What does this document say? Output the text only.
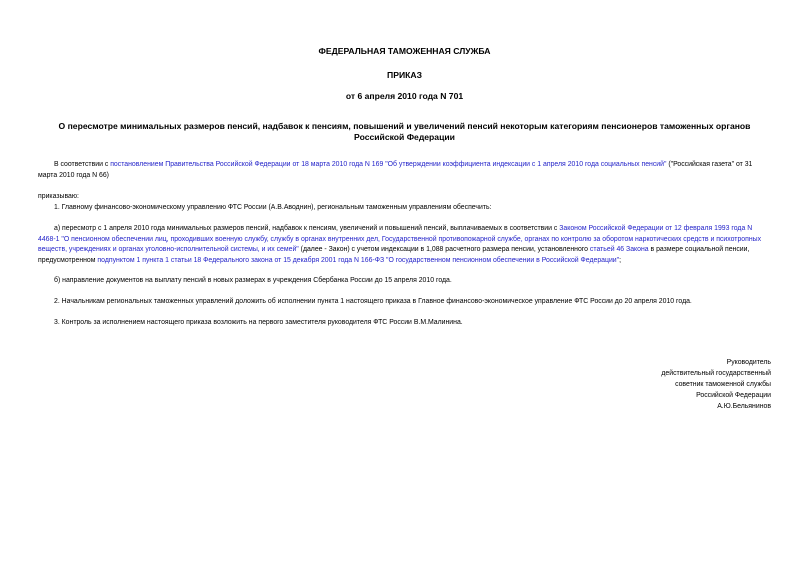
ФЕДЕРАЛЬНАЯ ТАМОЖЕННАЯ СЛУЖБА
ПРИКАЗ
от 6 апреля 2010 года N 701
О пересмотре минимальных размеров пенсий, надбавок к пенсиям, повышений и увеличений пенсий некоторым категориям пенсионеров таможенных органов
Российской Федерации

В соответствии с постановлением Правительства Российской Федерации от 18 марта 2010 года N 169 "Об утверждении коэффициента индексации с 1 апреля 2010 года социальных пенсий" ("Российская газета" от 31 марта 2010 года N 66)

приказываю:

1. Главному финансово-экономическому управлению ФТС России (А.В.Аводнин), региональным таможенным управлениям обеспечить:

а) пересмотр с 1 апреля 2010 года минимальных размеров пенсий, надбавок к пенсиям, увеличений и повышений пенсий, выплачиваемых в соответствии с Законом Российской Федерации от 12 февраля 1993 года N 4468-1 "О пенсионном обеспечении лиц, проходивших военную службу, службу в органах внутренних дел, Государственной противопожарной службе, органах по контролю за оборотом наркотических средств и психотропных веществ, учреждениях и органах уголовно-исполнительной системы, и их семей" (далее - Закон) с учетом индексации в 1,088 расчетного размера пенсии, установленного статьей 46 Закона в размере социальной пенсии, предусмотренном подпунктом 1 пункта 1 статьи 18 Федерального закона от 15 декабря 2001 года N 166-ФЗ "О государственном пенсионном обеспечении в Российской Федерации";

б) направление документов на выплату пенсий в новых размерах в учреждения Сбербанка России до 15 апреля 2010 года.

2. Начальникам региональных таможенных управлений доложить об исполнении пункта 1 настоящего приказа в Главное финансово-экономическое управление ФТС России до 20 апреля 2010 года.

3. Контроль за исполнением настоящего приказа возложить на первого заместителя руководителя ФТС России В.М.Малинина.

Руководитель
действительный государственный
советник таможенной службы
Российской Федерации
А.Ю.Бельянинов
